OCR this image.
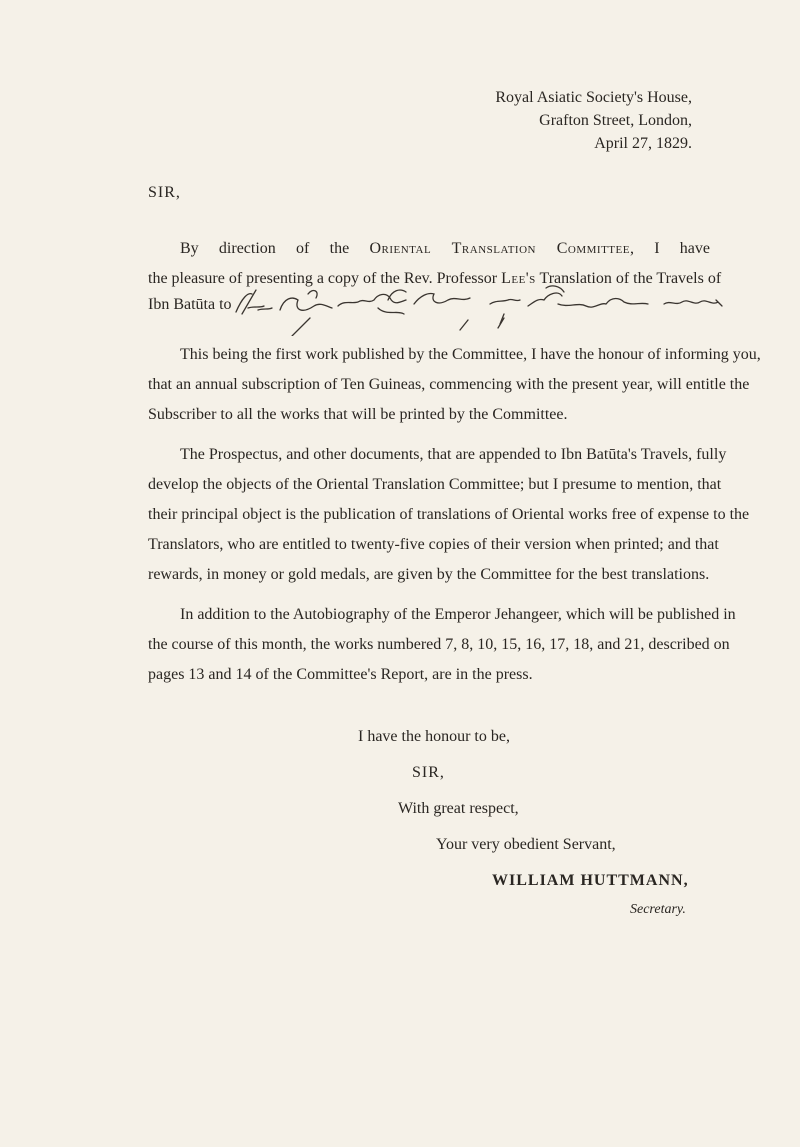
Royal Asiatic Society's House,
Grafton Street, London,
April 27, 1829.
SIR,
By direction of the Oriental Translation Committee, I have
the pleasure of presenting a copy of the Rev. Professor Lee's Translation of the Travels of
Ibn Batūta to
This being the first work published by the Committee, I have the honour of informing you,
that an annual subscription of Ten Guineas, commencing with the present year, will entitle the
Subscriber to all the works that will be printed by the Committee.
The Prospectus, and other documents, that are appended to Ibn Batūta's Travels, fully
develop the objects of the Oriental Translation Committee; but I presume to mention, that
their principal object is the publication of translations of Oriental works free of expense to the
Translators, who are entitled to twenty-five copies of their version when printed; and that
rewards, in money or gold medals, are given by the Committee for the best translations.
In addition to the Autobiography of the Emperor Jehangeer, which will be published in
the course of this month, the works numbered 7, 8, 10, 15, 16, 17, 18, and 21, described on
pages 13 and 14 of the Committee's Report, are in the press.
I have the honour to be,
SIR,
With great respect,
Your very obedient Servant,
WILLIAM HUTTMANN,
Secretary.
